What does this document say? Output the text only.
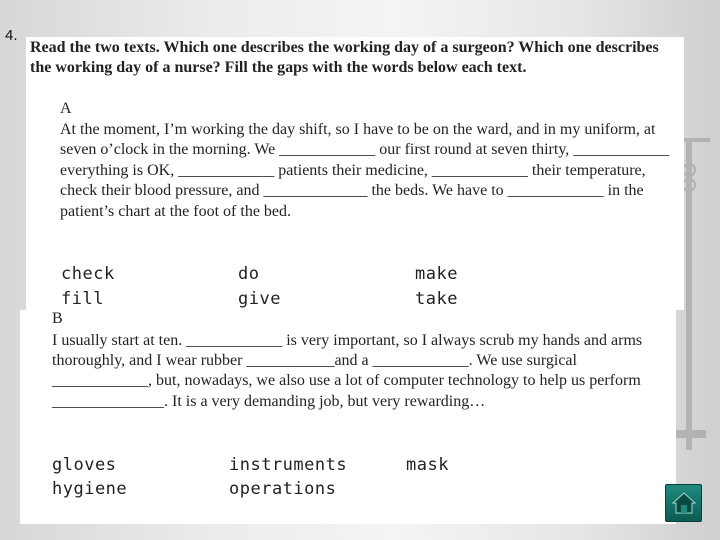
4.

Read the two texts. Which one describes the working day of a surgeon? Which one describes the working day of a nurse? Fill the gaps with the words below each text.

A

At the moment, I’m working the day shift, so I have to be on the ward, and in my uniform, at seven o’clock in the morning. We ____________ our first round at seven thirty, ____________ everything is OK, ____________ patients their medicine, ____________ their temperature, check their blood pressure, and _____________ the beds. We have to ____________ in the patient’s chart at the foot of the bed.

check	do	make
fill	give	take
B

I usually start at ten. ____________ is very important, so I always scrub my hands and arms thoroughly, and I wear rubber ___________and a ____________. We use surgical ____________, but, nowadays, we also use a lot of computer technology to help us perform ______________. It is a very demanding job, but very rewarding…

gloves	instruments	mask
hygiene	operations
